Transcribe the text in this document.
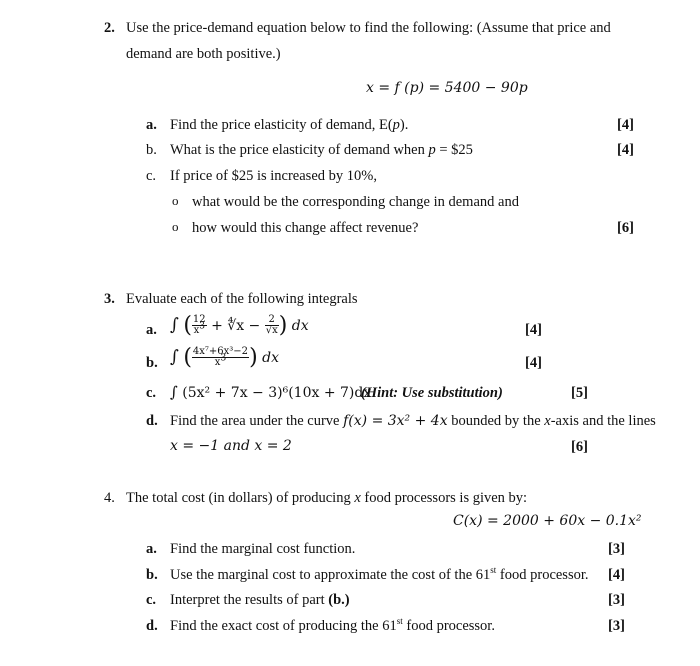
2. Use the price-demand equation below to find the following: (Assume that price and
demand are both positive.)
x = f (p) = 5400 − 90p
a. Find the price elasticity of demand, E(p).	[4]
b. What is the price elasticity of demand when p = $25	[4]
c. If price of $25 is increased by 10%,
o what would be the corresponding change in demand and
o how would this change affect revenue?	[6]
3. Evaluate each of the following integrals
a. ∫ ( $\frac{12}{x^3}$ + ∜x − $\frac{2}{√x}$ ) dx	[4]
b. ∫ ( $\frac{\text{4x⁷+6x³−2}}{x^3}$ ) dx	[4]
c. ∫ (5x² + 7x − 3)⁶(10x + 7)dx
(Hint: Use substitution)	[5]
d. Find the area under the curve f(x) = 3x² + 4x bounded by the x-axis and the lines
x = −1 and x = 2	[6]
4. The total cost (in dollars) of producing x food processors is given by:
C(x) = 2000 + 60x − 0.1x²
a. Find the marginal cost function.	[3]
b. Use the marginal cost to approximate the cost of the 61st food processor. [4]
c. Interpret the results of part (b.)	[3]
d. Find the exact cost of producing the 61st food processor.	[3]
